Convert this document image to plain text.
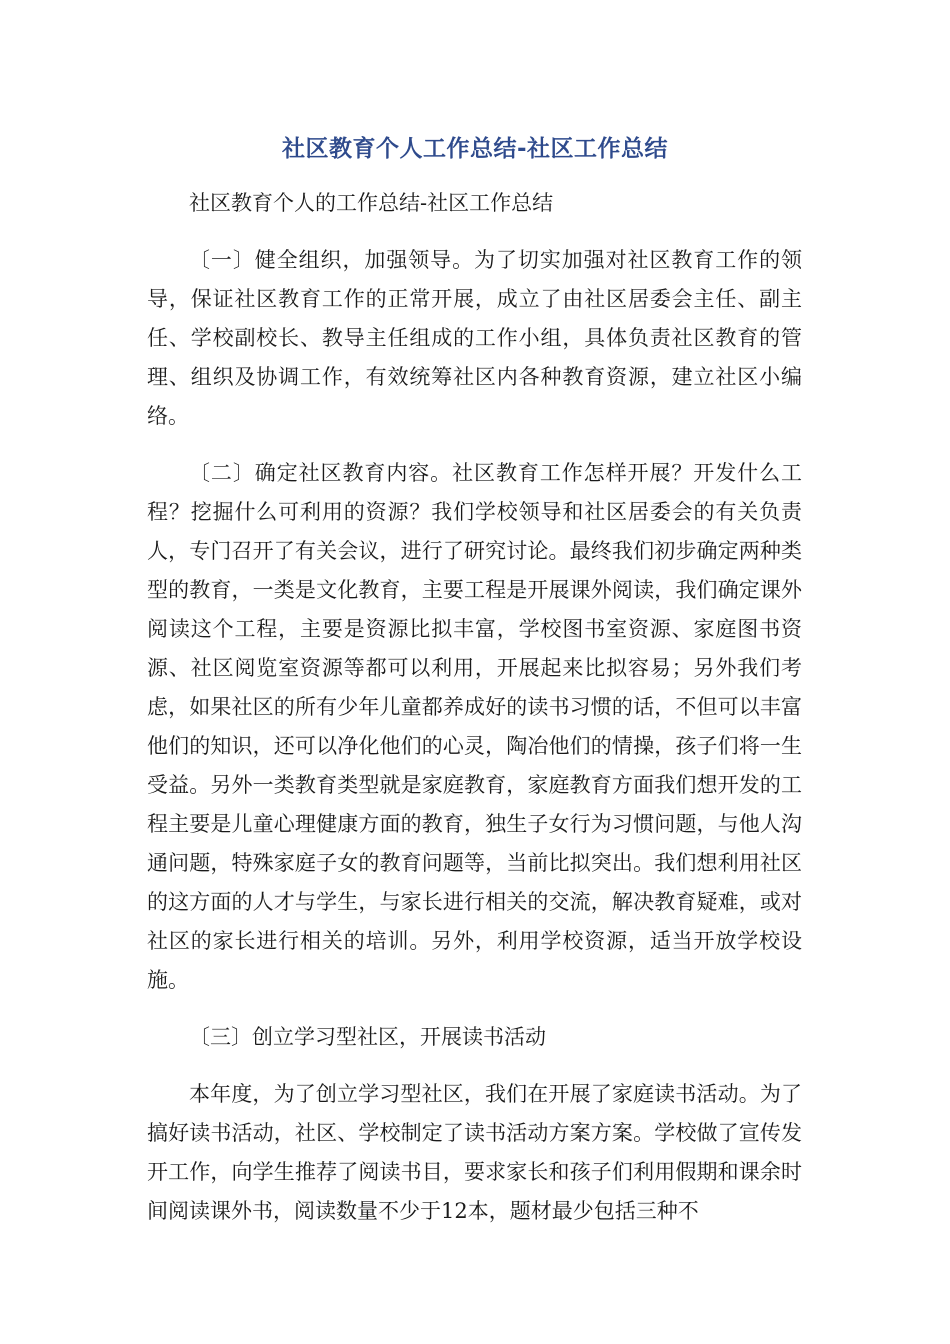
社区教育个人工作总结-社区工作总结

社区教育个人的工作总结-社区工作总结

〔一〕健全组织，加强领导。为了切实加强对社区教育工作的领导，保证社区教育工作的正常开展，成立了由社区居委会主任、副主任、学校副校长、教导主任组成的工作小组，具体负责社区教育的管理、组织及协调工作，有效统筹社区内各种教育资源，建立社区小编络。

〔二〕确定社区教育内容。社区教育工作怎样开展？开发什么工程？挖掘什么可利用的资源？我们学校领导和社区居委会的有关负责人，专门召开了有关会议，进行了研究讨论。最终我们初步确定两种类型的教育，一类是文化教育，主要工程是开展课外阅读，我们确定课外阅读这个工程，主要是资源比拟丰富，学校图书室资源、家庭图书资源、社区阅览室资源等都可以利用，开展起来比拟容易；另外我们考虑，如果社区的所有少年儿童都养成好的读书习惯的话，不但可以丰富他们的知识，还可以净化他们的心灵，陶冶他们的情操，孩子们将一生受益。另外一类教育类型就是家庭教育，家庭教育方面我们想开发的工程主要是儿童心理健康方面的教育，独生子女行为习惯问题，与他人沟通问题，特殊家庭子女的教育问题等，当前比拟突出。我们想利用社区的这方面的人才与学生，与家长进行相关的交流，解决教育疑难，或对社区的家长进行相关的培训。另外，利用学校资源，适当开放学校设施。

〔三〕创立学习型社区，开展读书活动

本年度，为了创立学习型社区，我们在开展了家庭读书活动。为了搞好读书活动，社区、学校制定了读书活动方案方案。学校做了宣传发开工作，向学生推荐了阅读书目，要求家长和孩子们利用假期和课余时间阅读课外书，阅读数量不少于12本，题材最少包括三种不
